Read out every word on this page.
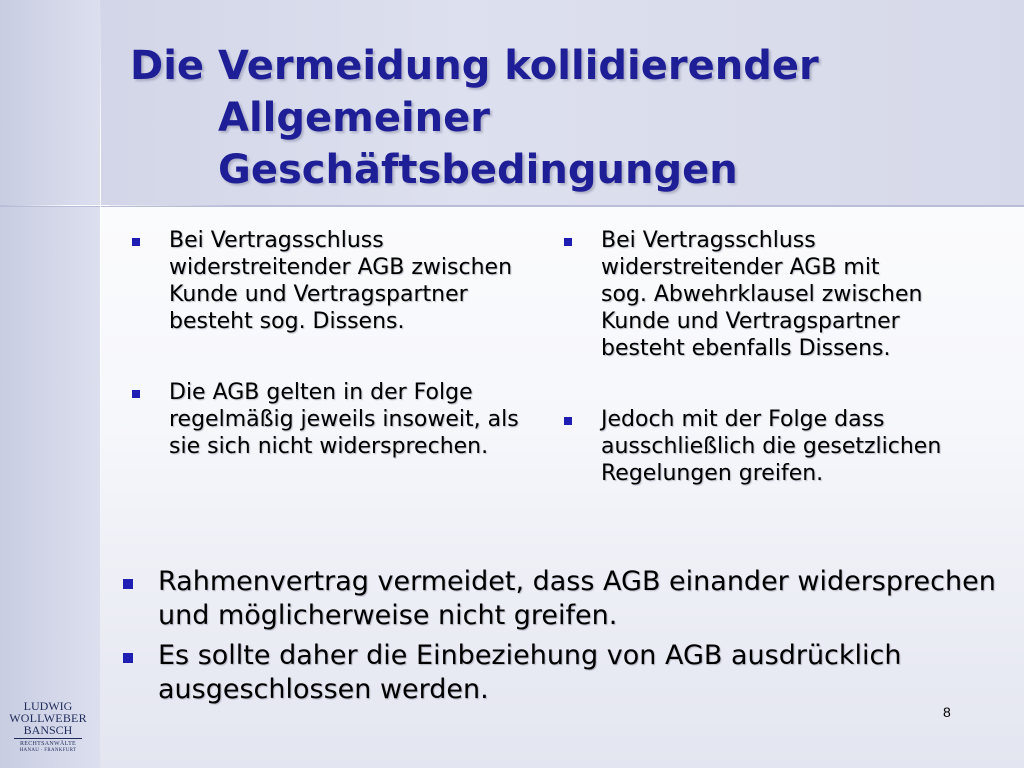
Die Vermeidung kollidierender
Allgemeiner
Geschäftsbedingungen
Bei Vertragsschluss widerstreitender AGB zwischen Kunde und Vertragspartner besteht sog. Dissens.
Die AGB gelten in der Folge regelmäßig jeweils insoweit, als sie sich nicht widersprechen.
Bei Vertragsschluss widerstreitender AGB mit sog. Abwehrklausel zwischen Kunde und Vertragspartner besteht ebenfalls Dissens.
Jedoch mit der Folge dass ausschließlich die gesetzlichen Regelungen greifen.
Rahmenvertrag vermeidet, dass AGB einander widersprechen und möglicherweise nicht greifen.
Es sollte daher die Einbeziehung von AGB ausdrücklich ausgeschlossen werden.
8
LUDWIG
WOLLWEBER
BANSCH
RECHTSANWÄLTE
HANAU · FRANKFURT
